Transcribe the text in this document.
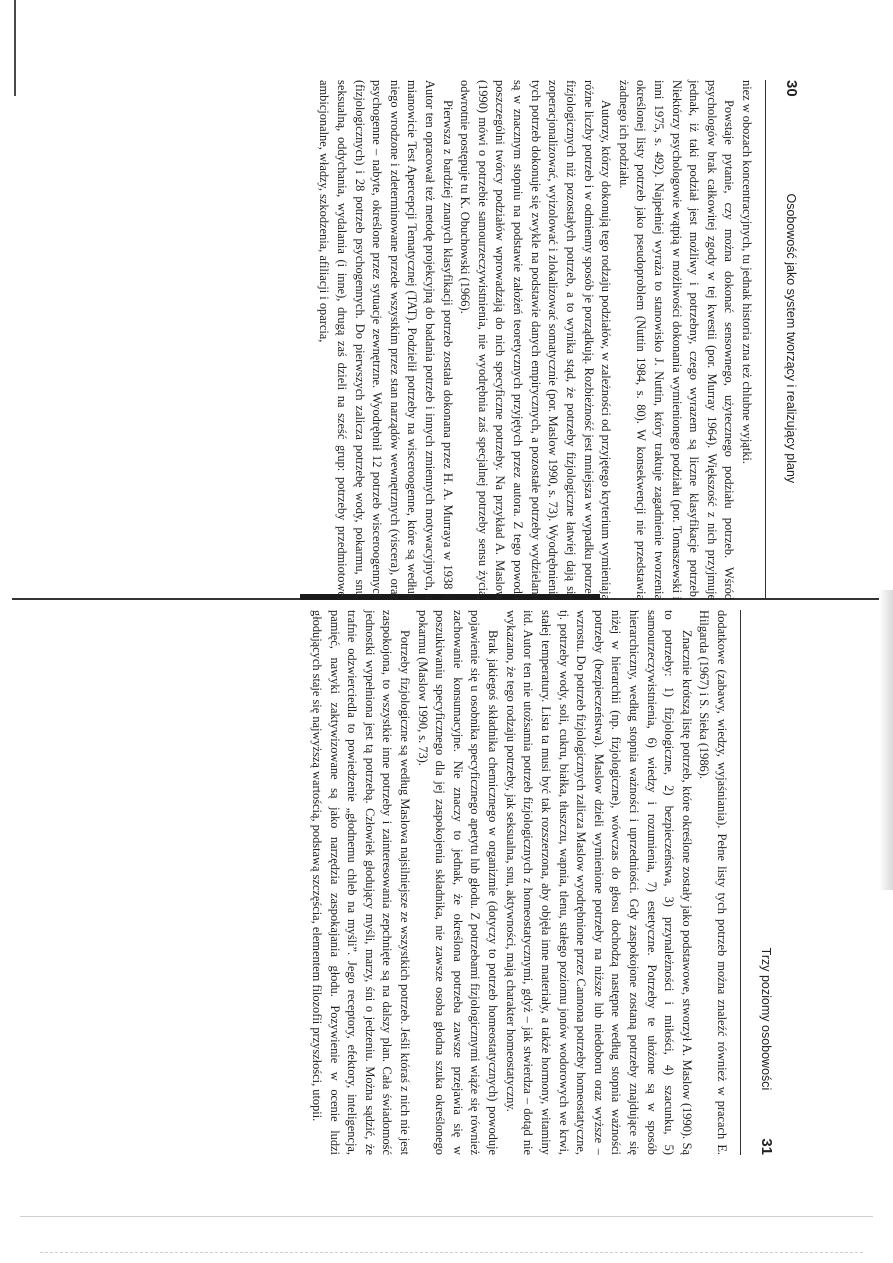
30
Osobowość jako system tworzący i realizujący plany

niez w obozach koncentracyjnych, tu jednak historia zna też chlubne wyjątki.

Powstaje pytanie, czy można dokonać sensownego, użytecznego podziału potrzeb. Wśród psychologów brak całkowitej zgody w tej kwestii (por. Murray 1964). Większość z nich przyjmuje jednak, iż taki podział jest możliwy i potrzebny, czego wyrazem są liczne klasyfikacje potrzeb. Niektórzy psychologowie wątpią w możliwości dokonania wymienionego podziału (por. Tomaszewski i inni 1975, s. 492). Najpełniej wyraża to stanowisko J. Nuttin, który traktuje zagadnienie tworzenia określonej listy potrzeb jako pseudoproblem (Nuttin 1984, s. 80). W konsekwencji nie przedstawia żadnego ich podziału.

Autorzy, którzy dokonują tego rodzaju podziałów, w zależności od przyjętego kryterium wymieniają różne liczby potrzeb i w odmienny sposób je porządkują. Rozbieżność jest mniejsza w wypadku potrzeb fizjologicznych niż pozostałych potrzeb, a to wynika stąd, że potrzeby fizjologiczne łatwiej dają się zoperacjonalizować, wyizolować i zlokalizować somatycznie (por. Maslow 1990, s. 73). Wyodrębnienie tych potrzeb dokonuje się zwykle na podstawie danych empirycznych, a pozostałe potrzeby wydzielane są w znacznym stopniu na podstawie założeń teoretycznych przyjętych przez autora. Z tego powodu poszczególni twórcy podziałów wprowadzają do nich specyficzne potrzeby. Na przykład A. Maslow (1990) mówi o potrzebie samourzeczywistnienia, nie wyodrębnia zaś specjalnej potrzeby sensu życia; odwrotnie postępuje tu K. Obuchowski (1966).

Pierwsza z bardziej znanych klasyfikacji potrzeb została dokonana przez H. A. Murraya w 1938 r. Autor ten opracował też metodę projekcyjną do badania potrzeb i innych zmiennych motywacyjnych, a mianowicie Test Apercepcji Tematycznej (TAT). Podzielił potrzeby na wisceroogenne, które są według niego wrodzone i zdeterminowane przede wszystkim przez stan narządów wewnętrznych (viscera), oraz psychogenne – nabyte, określone przez sytuacje zewnętrzne. Wyodrębnił 12 potrzeb wisceroogennych (fizjologicznych) i 28 potrzeb psychogennych. Do pierwszych zalicza potrzebę wody, pokarmu, snu, seksualną, oddychania, wydalania (i inne), drugą zaś dzieli na sześć grup: potrzeby przedmiotowe, ambicjonalne, władzy, szkodzenia, afiliacji i oparcia,

Trzy poziomy osobowości
31

dodatkowe (zabawy, wiedzy, wyjaśniania). Pełne listy tych potrzeb można znaleźć również w pracach E. Hilgarda (1967) i S. Siekа (1986).

Znacznie krótszą listę potrzeb, które określone zostały jako podstawowe, stworzył A. Maslow (1990). Są to potrzeby: 1) fizjologiczne, 2) bezpieczeństwa, 3) przynależności i miłości, 4) szacunku, 5) samourzeczywistnienia, 6) wiedzy i rozumienia, 7) estetyczne. Potrzeby te ułożone są w sposób hierarchiczny, według stopnia ważności i uprzedniości. Gdy zaspokojone zostaną potrzeby znajdujące się niżej w hierarchii (np. fizjologiczne), wówczas do głosu dochodzą następne według stopnia ważności potrzeby (bezpieczeństwa). Maslow dzieli wymienione potrzeby na niższe lub niedoboru oraz wyższe – wzrostu. Do potrzeb fizjologicznych zalicza Maslow wyodrębnione przez Cannona potrzeby homeostatyczne, tj. potrzeby wody, soli, cukru, białka, tłuszczu, wapnia, tlenu, stałego poziomu jonów wodorowych we krwi, stałej temperatury. Lista ta musi być tak rozszerzona, aby objęła inne materiały, a także hormony, witaminy itd. Autor ten nie utożsamia potrzeb fizjologicznych z homeostatycznymi, gdyż – jak stwierdza – dotąd nie wykazano, że tego rodzaju potrzeby, jak seksualna, snu, aktywności, mają charakter homeostatyczny.

Brak jakiegoś składnika chemicznego w organizmie (dotyczy to potrzeb homeostatycznych) powoduje pojawienie się u osobnika specyficznego apetytu lub głodu. Z potrzebami fizjologicznymi wiąże się również zachowanie konsumacyjne. Nie znaczy to jednak, że określona potrzeba zawsze przejawia się w poszukiwaniu specyficznego dla jej zaspokojenia składnika, nie zawsze osoba głodna szuka określonego pokarmu (Maslow 1990, s. 73).

Potrzeby fizjologiczne są według Maslowa najsilniejsze ze wszystkich potrzeb. Jeśli któraś z nich nie jest zaspokojona, to wszystkie inne potrzeby i zainteresowania zepchnięte są na dalszy plan. Cała świadomość jednostki wypełniona jest tą potrzebą. Człowiek głodujący myśli, marzy, śni o jedzeniu. Można sądzić, że trafnie odzwierciedla to powiedzenie „głodnemu chleb na myśli”. Jego receptory, efektory, inteligencja, pamięć, nawyki zaktywizowane są jako narzędzia zaspokajania głodu. Pozywienie w ocenie ludzi głodujących staje się najwyższą wartością, podstawą szczęścia, elementem filozofii przyszłości, utopii.
